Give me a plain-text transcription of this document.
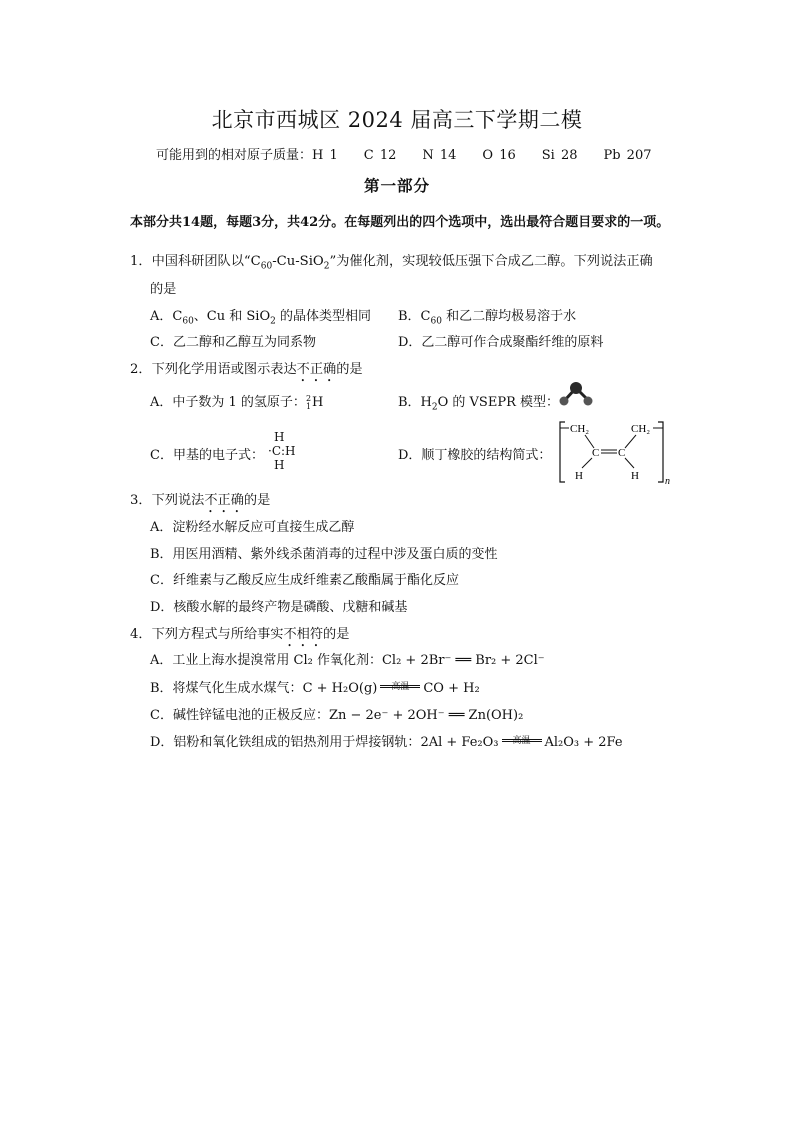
北京市西城区 2024 届高三下学期二模
可能用到的相对原子质量：H 1　　C 12　　N 14　　O 16　　Si 28　　Pb 207
第一部分
本部分共14题，每题3分，共42分。在每题列出的四个选项中，选出最符合题目要求的一项。
1．中国科研团队以“$C_{60}-Cu-SiO_2$”为催化剂，实现较低压强下合成乙二醇。下列说法正确
的是
A．$C_{60}$、Cu 和 SiO$_2$ 的晶体类型相同 B．$C_{60}$ 和乙二醇均极易溶于水
C．乙二醇和乙醇互为同系物	D．乙二醇可作合成聚酯纤维的原料
2．下列化学用语或图示表达不正确的是
A．中子数为 1 的氢原子：2
1H	B．$H_2O$ 的 VSEPR 模型：
C．甲基的电子式：
H
·C:H
H
D．顺丁橡胶的结构简式：
CH₂	CH₂
C C
H	H	n
3．下列说法不正确的是
A．淀粉经水解反应可直接生成乙醇
B．用医用酒精、紫外线杀菌消毒的过程中涉及蛋白质的变性
C．纤维素与乙酸反应生成纤维素乙酸酯属于酯化反应
D．核酸水解的最终产物是磷酸、戊糖和碱基
4．下列方程式与所给事实不相符的是
A．工业上海水提溴常用 Cl₂ 作氧化剂：Cl₂ + 2Br⁻ ══ Br₂ + 2Cl⁻
B．将煤气化生成水煤气：C + H₂O(g)	高温	CO + H₂
C．碱性锌锰电池的正极反应：Zn − 2e⁻ + 2OH⁻ ══ Zn(OH)₂
D．铝粉和氧化铁组成的铝热剂用于焊接钢轨：2Al + Fe₂O₃	高温	Al₂O₃ + 2Fe
